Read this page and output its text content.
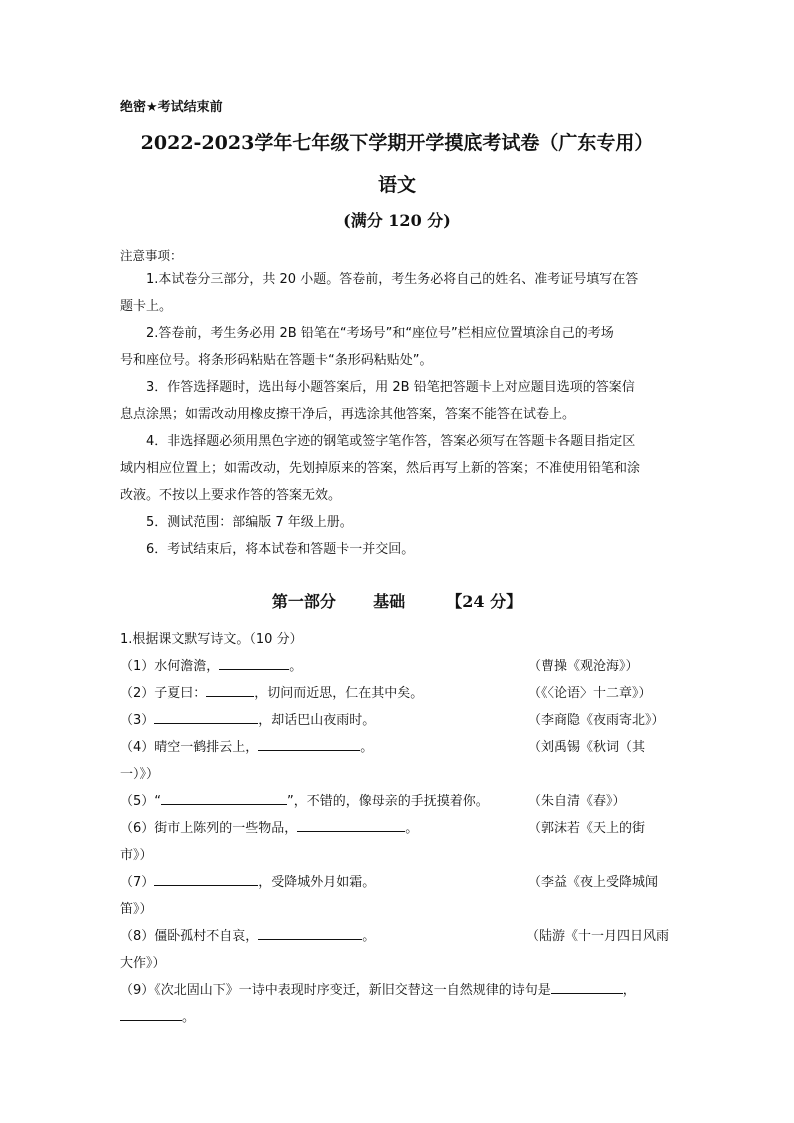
绝密★考试结束前
2022-2023学年七年级下学期开学摸底考试卷（广东专用）
语文
(满分 120 分)
注意事项：
1.本试卷分三部分，共 20 小题。答卷前，考生务必将自己的姓名、准考证号填写在答
题卡上。
2.答卷前，考生务必用 2B 铅笔在“考场号”和“座位号”栏相应位置填涂自己的考场
号和座位号。将条形码粘贴在答题卡“条形码粘贴处”。
3．作答选择题时，选出每小题答案后，用 2B 铅笔把答题卡上对应题目选项的答案信
息点涂黑；如需改动用橡皮擦干净后，再选涂其他答案，答案不能答在试卷上。
4．非选择题必须用黑色字迹的钢笔或签字笔作答，答案必须写在答题卡各题目指定区
域内相应位置上；如需改动，先划掉原来的答案，然后再写上新的答案；不准使用铅笔和涂
改液。不按以上要求作答的答案无效。
5．测试范围：部编版 7 年级上册。
6．考试结束后，将本试卷和答题卡一并交回。
第一部分 基础	【24 分】
1.根据课文默写诗文。（10 分）
（1）水何澹澹，	。	（曹操《观沧海》）
（2）子夏曰：	，切问而近思，仁在其中矣。	（《〈论语〉十二章》）
（3）	，却话巴山夜雨时。	（李商隐《夜雨寄北》）
（4）晴空一鹤排云上，	。	（刘禹锡《秋词（其
一）》）
（5）“	”，不错的，像母亲的手抚摸着你。	（朱自清《春》）
（6）街市上陈列的一些物品，	。	（郭沫若《天上的街
市》）
（7）	，受降城外月如霜。	（李益《夜上受降城闻
笛》）
（8）僵卧孤村不自哀，	。	（陆游《十一月四日风雨
大作》）
（9）《次北固山下》一诗中表现时序变迁，新旧交替这一自然规律的诗句是	，
。
